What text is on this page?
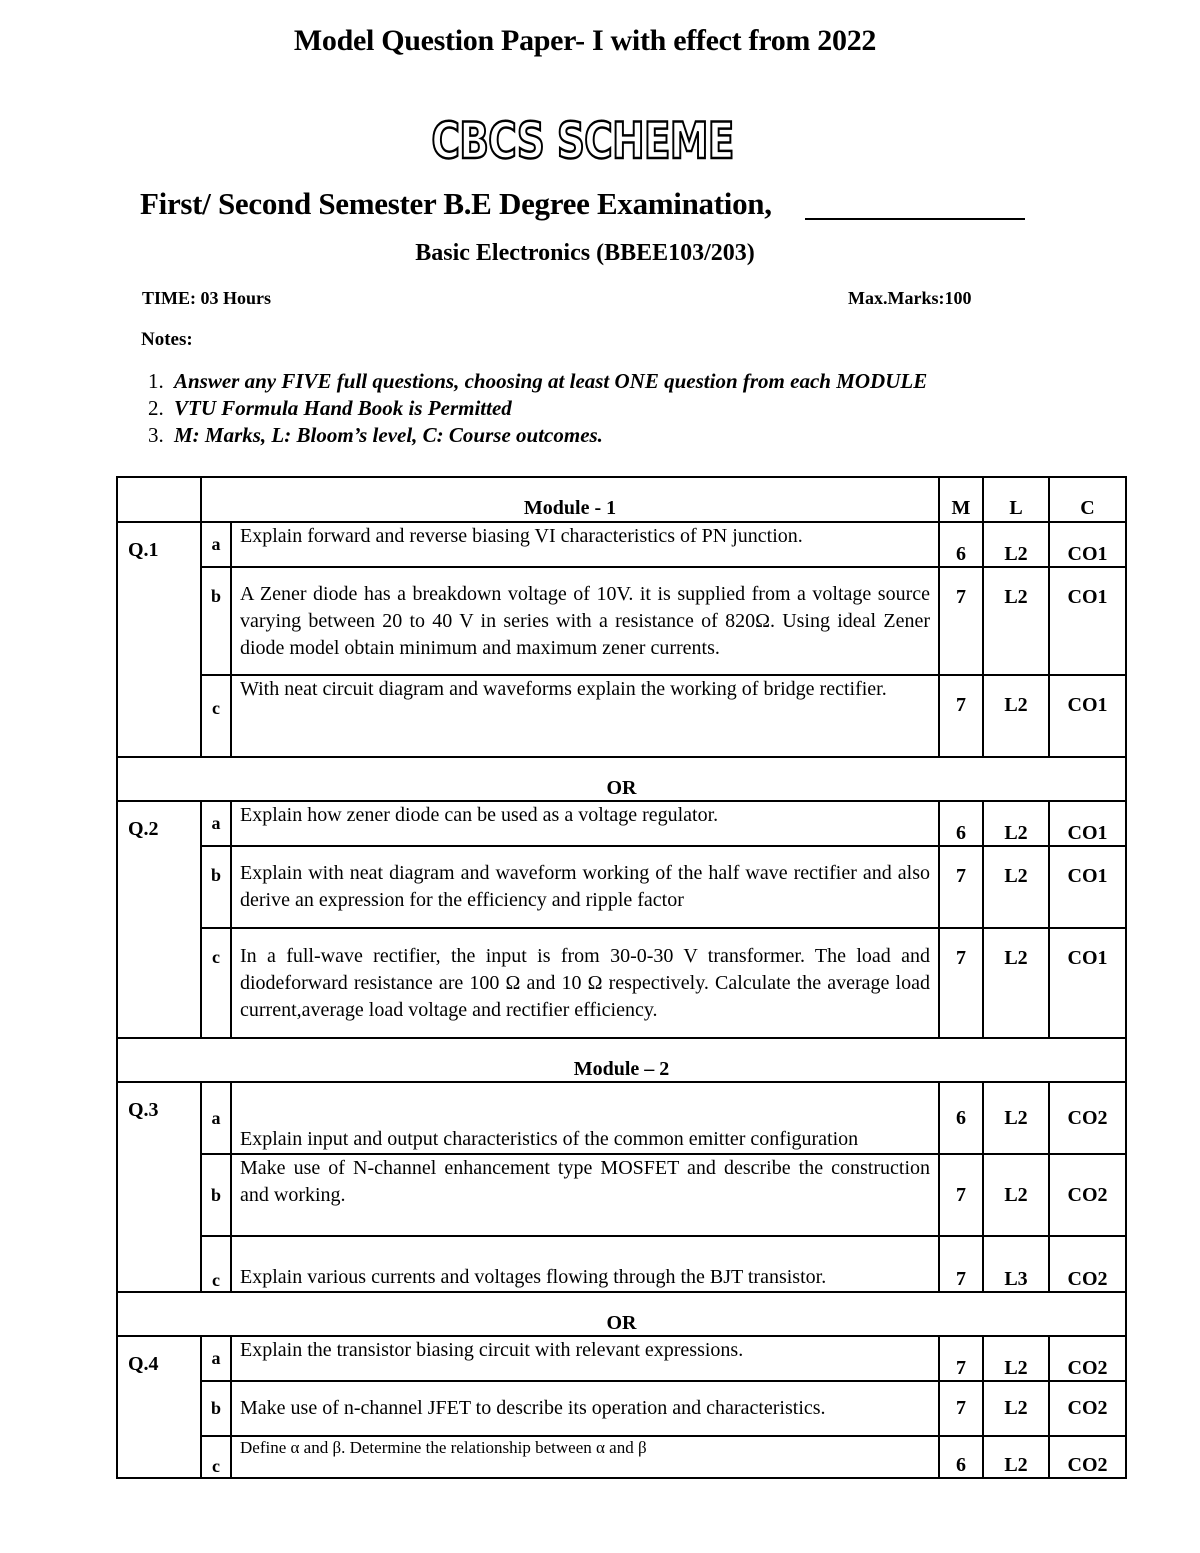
Model Question Paper- I with effect from 2022
CBCS SCHEME
First/ Second Semester B.E Degree Examination,
Basic Electronics (BBEE103/203)
TIME: 03 Hours	Max.Marks:100
Notes:
1. Answer any FIVE full questions, choosing at least ONE question from each MODULE
2. VTU Formula Hand Book is Permitted
3. M: Marks, L: Bloom’s level, C: Course outcomes.
	Module - 1		M	L	C
Q.1	a	Explain forward and reverse biasing VI characteristics of PN junction.	6	L2	CO1
	b	A Zener diode has a breakdown voltage of 10V. it is supplied from a voltage source varying between 20 to 40 V in series with a resistance of 820Ω. Using ideal Zener diode model obtain minimum and maximum zener currents.	7	L2	CO1
	c	With neat circuit diagram and waveforms explain the working of bridge rectifier.	7	L2	CO1
OR					
Q.2	a	Explain how zener diode can be used as a voltage regulator.	6	L2	CO1
	b	Explain with neat diagram and waveform working of the half wave rectifier and also derive an expression for the efficiency and ripple factor	7	L2	CO1
	c	In a full-wave rectifier, the input is from 30-0-30 V transformer. The load and diodeforward resistance are 100 Ω and 10 Ω respectively. Calculate the average load current,average load voltage and rectifier efficiency.	7	L2	CO1
Module – 2					
Q.3	a	Explain input and output characteristics of the common emitter configuration	6	L2	CO2
	b	Make use of N-channel enhancement type MOSFET and describe the construction and working.	7	L2	CO2
	c	Explain various currents and voltages flowing through the BJT transistor.	7	L3	CO2
OR					
Q.4	a	Explain the transistor biasing circuit with relevant expressions.	7	L2	CO2
	b	Make use of n-channel JFET to describe its operation and characteristics.	7	L2	CO2
	c	Define α and β. Determine the relationship between α and β	6	L2	CO2
